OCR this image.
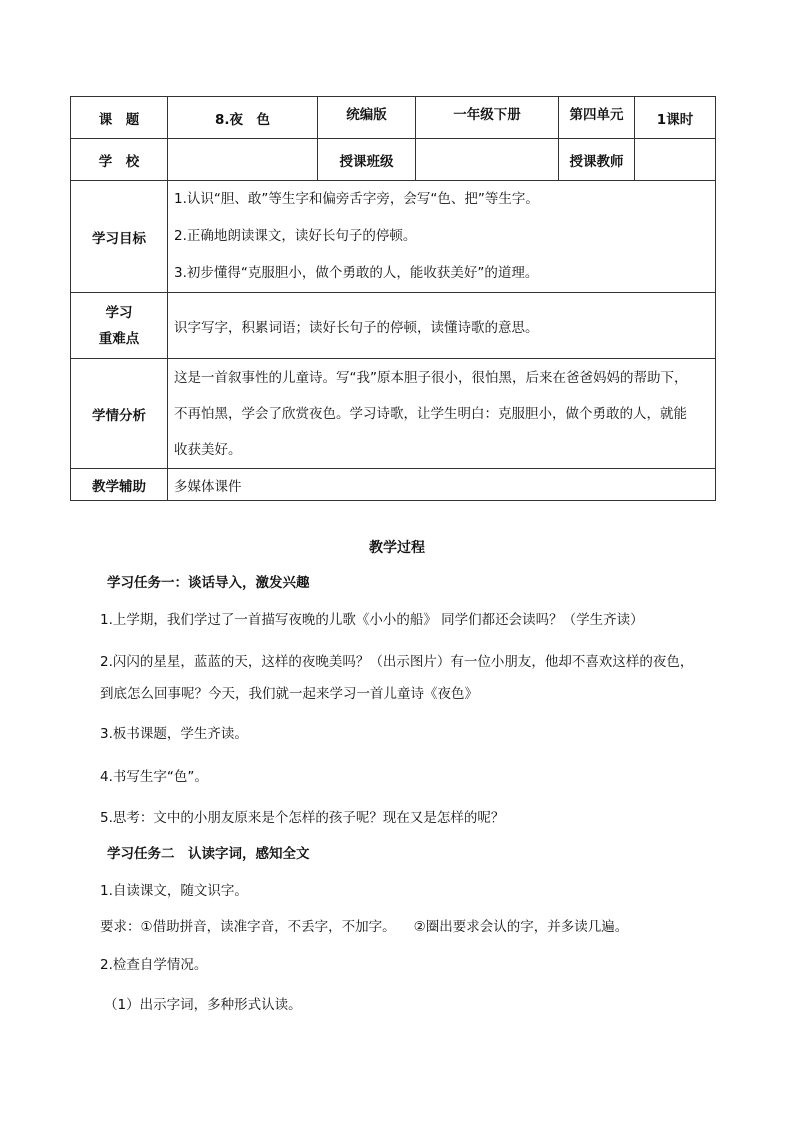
课　题	8.夜　色	统编版	一年级下册	第四单元	1课时
学　校		授课班级		授课教师	
学习目标	1.认识“胆、敢”等生字和偏旁舌字旁，会写“色、把”等生字。

2.正确地朗读课文，读好长句子的停顿。

3.初步懂得“克服胆小，做个勇敢的人，能收获美好”的道理。				

学习
重难点	识字写字，积累词语；读好长句子的停顿，读懂诗歌的意思。				
学情分析	这是一首叙事性的儿童诗。写“我”原本胆子很小，很怕黑，后来在爸爸妈妈的帮助下，

不再怕黑，学会了欣赏夜色。学习诗歌，让学生明白：克服胆小，做个勇敢的人，就能

收获美好。				

教学辅助	多媒体课件				
教学过程

学习任务一：谈话导入，激发兴趣

1.上学期，我们学过了一首描写夜晚的儿歌《小小的船》 同学们都还会读吗？（学生齐读）

2.闪闪的星星，蓝蓝的天，这样的夜晚美吗？（出示图片）有一位小朋友，他却不喜欢这样的夜色，
到底怎么回事呢？今天，我们就一起来学习一首儿童诗《夜色》

3.板书课题，学生齐读。

4.书写生字“色”。

5.思考：文中的小朋友原来是个怎样的孩子呢？现在又是怎样的呢？

学习任务二　认读字词，感知全文

1.自读课文，随文识字。

要求：①借助拼音，读准字音，不丢字，不加字。 ②圈出要求会认的字，并多读几遍。

2.检查自学情况。

（1）出示字词，多种形式认读。
